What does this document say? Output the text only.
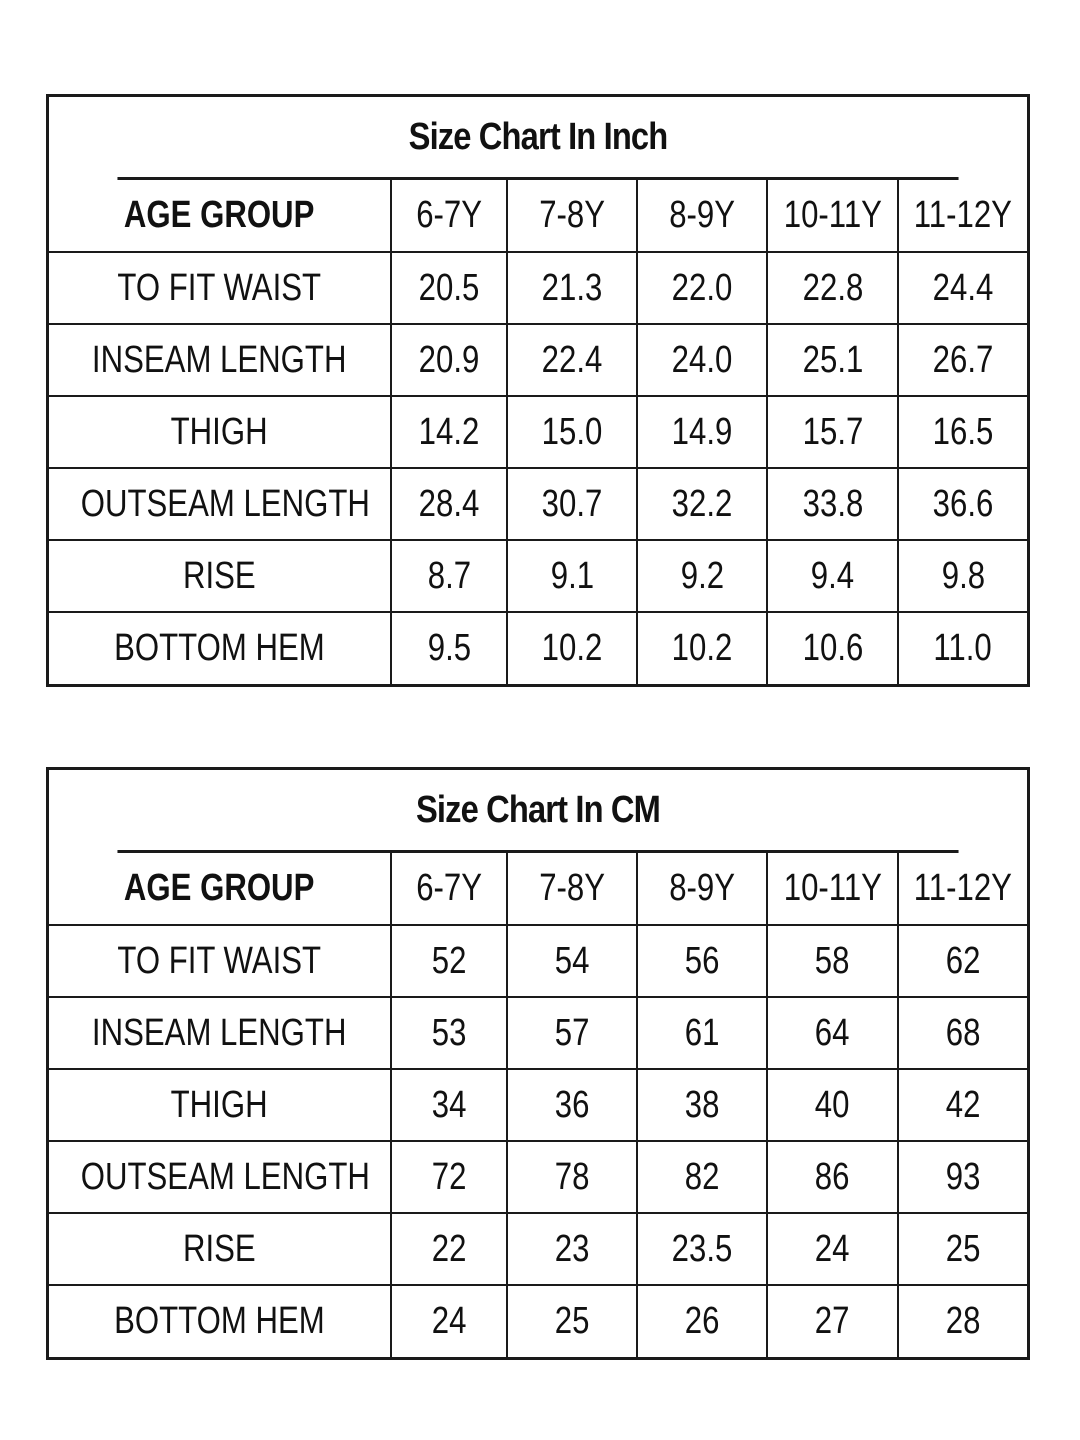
Size Chart In Inch
AGE GROUP	6-7Y	7-8Y	8-9Y	10-11Y	11-12Y
TO FIT WAIST	20.5	21.3	22.0	22.8	24.4
INSEAM LENGTH	20.9	22.4	24.0	25.1	26.7
THIGH	14.2	15.0	14.9	15.7	16.5
OUTSEAM LENGTH	28.4	30.7	32.2	33.8	36.6
RISE	8.7	9.1	9.2	9.4	9.8
BOTTOM HEM	9.5	10.2	10.2	10.6	11.0
Size Chart In CM
AGE GROUP	6-7Y	7-8Y	8-9Y	10-11Y	11-12Y
TO FIT WAIST	52	54	56	58	62
INSEAM LENGTH	53	57	61	64	68
THIGH	34	36	38	40	42
OUTSEAM LENGTH	72	78	82	86	93
RISE	22	23	23.5	24	25
BOTTOM HEM	24	25	26	27	28
